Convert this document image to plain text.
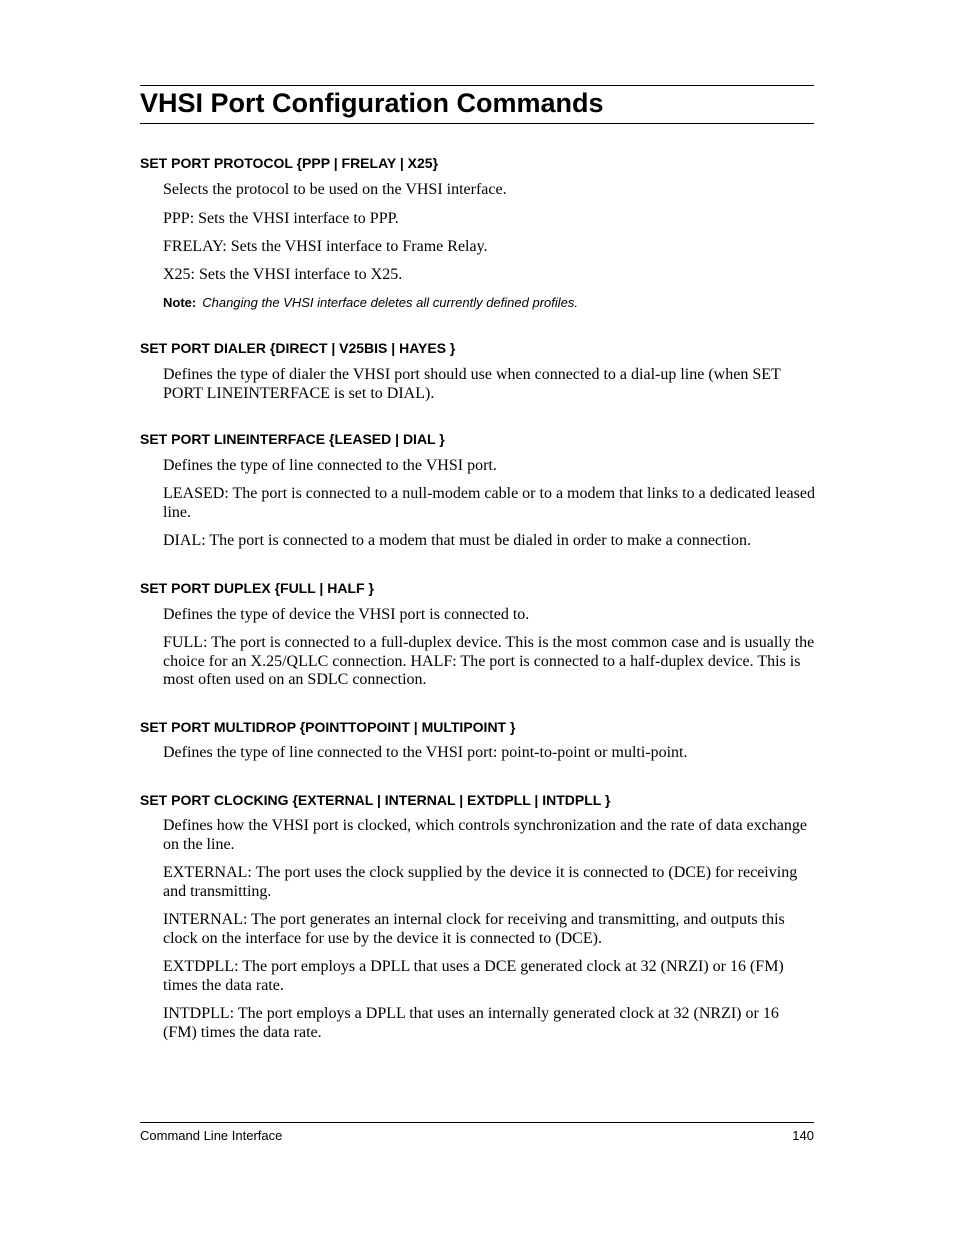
VHSI Port Configuration Commands
SET PORT PROTOCOL {PPP | FRELAY | X25}
Selects the protocol to be used on the VHSI interface.
PPP: Sets the VHSI interface to PPP.
FRELAY: Sets the VHSI interface to Frame Relay.
X25: Sets the VHSI interface to X25.
Note: Changing the VHSI interface deletes all currently defined profiles.
SET PORT DIALER {DIRECT | V25BIS | HAYES }
Defines the type of dialer the VHSI port should use when connected to a dial-up line (when SET PORT LINEINTERFACE is set to DIAL).
SET PORT LINEINTERFACE {LEASED | DIAL }
Defines the type of line connected to the VHSI port.
LEASED: The port is connected to a null-modem cable or to a modem that links to a dedicated leased line.
DIAL: The port is connected to a modem that must be dialed in order to make a connection.
SET PORT DUPLEX {FULL | HALF }
Defines the type of device the VHSI port is connected to.
FULL: The port is connected to a full-duplex device. This is the most common case and is usually the choice for an X.25/QLLC connection. HALF: The port is connected to a half-duplex device. This is most often used on an SDLC connection.
SET PORT MULTIDROP {POINTTOPOINT | MULTIPOINT }
Defines the type of line connected to the VHSI port: point-to-point or multi-point.
SET PORT CLOCKING {EXTERNAL | INTERNAL | EXTDPLL | INTDPLL }
Defines how the VHSI port is clocked, which controls synchronization and the rate of data exchange on the line.
EXTERNAL: The port uses the clock supplied by the device it is connected to (DCE) for receiving and transmitting.
INTERNAL: The port generates an internal clock for receiving and transmitting, and outputs this clock on the interface for use by the device it is connected to (DCE).
EXTDPLL: The port employs a DPLL that uses a DCE generated clock at 32 (NRZI) or 16 (FM) times the data rate.
INTDPLL: The port employs a DPLL that uses an internally generated clock at 32 (NRZI) or 16 (FM) times the data rate.
Command Line Interface	140
